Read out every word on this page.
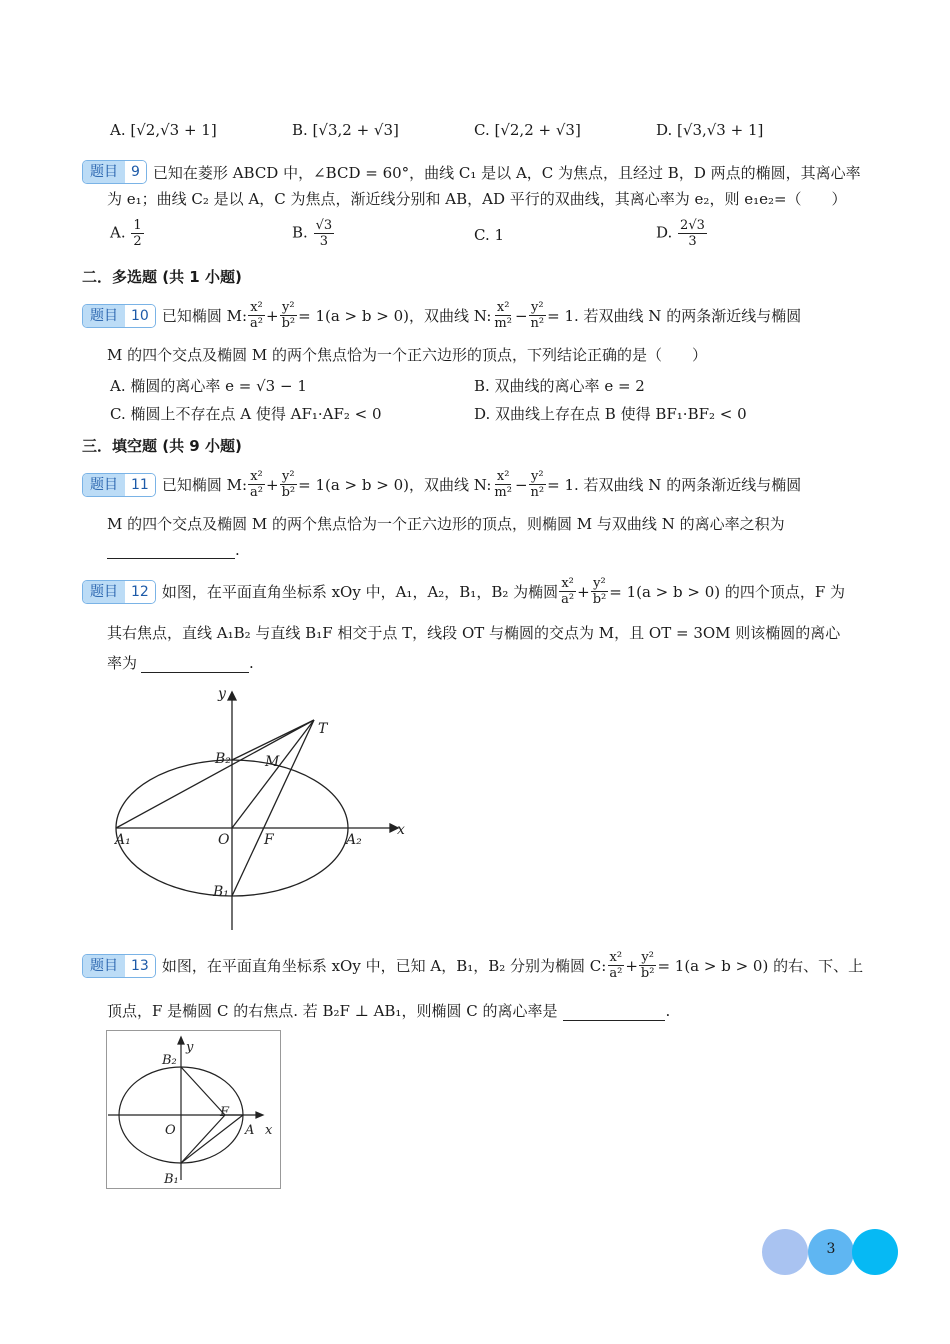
A. [√2,√3 + 1]	B. [√3,2 + √3]	C. [√2,2 + √3]	D. [√3,√3 + 1]
题目 9 已知在菱形 ABCD 中，∠BCD = 60°，曲线 C₁ 是以 A，C 为焦点，且经过 B，D 两点的椭圆，其离心率
为 e₁；曲线 C₂ 是以 A，C 为焦点，渐近线分别和 AB，AD 平行的双曲线，其离心率为 e₂，则 e₁e₂=（　　）
A. $\frac{1}{2}$	B. $\frac{√3}{3}$	C. 1	D. $\frac{2√3}{3}$
二．多选题 (共 1 小题)
题目 10 已知椭圆 M: $\frac{\text{x²}}{\text{a²}} + \frac{\text{y²}}{\text{b²}} = 1(a > b > 0)$，双曲线 N: $\frac{\text{x²}}{\text{m²}} - \frac{\text{y²}}{\text{n²}} = 1$. 若双曲线 N 的两条渐近线与椭圆
M 的四个交点及椭圆 M 的两个焦点恰为一个正六边形的顶点，下列结论正确的是（　　）
A. 椭圆的离心率 e = √3 − 1	B. 双曲线的离心率 e = 2
C. 椭圆上不存在点 A 使得 AF₁·AF₂ < 0	D. 双曲线上存在点 B 使得 BF₁·BF₂ < 0
三．填空题 (共 9 小题)
题目 11 已知椭圆 M: $\frac{\text{x²}}{\text{a²}} + \frac{\text{y²}}{\text{b²}} = 1(a > b > 0)$，双曲线 N: $\frac{\text{x²}}{\text{m²}} - \frac{\text{y²}}{\text{n²}} = 1$. 若双曲线 N 的两条渐近线与椭圆
M 的四个交点及椭圆 M 的两个焦点恰为一个正六边形的顶点，则椭圆 M 与双曲线 N 的离心率之积为
.
题目 12 如图，在平面直角坐标系 xOy 中，A₁，A₂，B₁，B₂ 为椭圆 $\frac{\text{x²}}{\text{a²}} + \frac{\text{y²}}{\text{b²}} = 1(a > b > 0)$ 的四个顶点，F 为
其右焦点，直线 A₁B₂ 与直线 B₁F 相交于点 T，线段 OT 与椭圆的交点为 M，且 OT = 3OM 则该椭圆的离心
率为	.
y
x
T
B₂ M
A₁	O F	A₂
B₁
题目 13 如图，在平面直角坐标系 xOy 中，已知 A，B₁，B₂ 分别为椭圆 C: $\frac{\text{x²}}{\text{a²}} + \frac{\text{y²}}{\text{b²}} = 1(a > b > 0)$ 的右、下、上
顶点，F 是椭圆 C 的右焦点. 若 B₂F ⊥ AB₁，则椭圆 C 的离心率是	.
y
x
B₂
F
O	A
B₁
3
